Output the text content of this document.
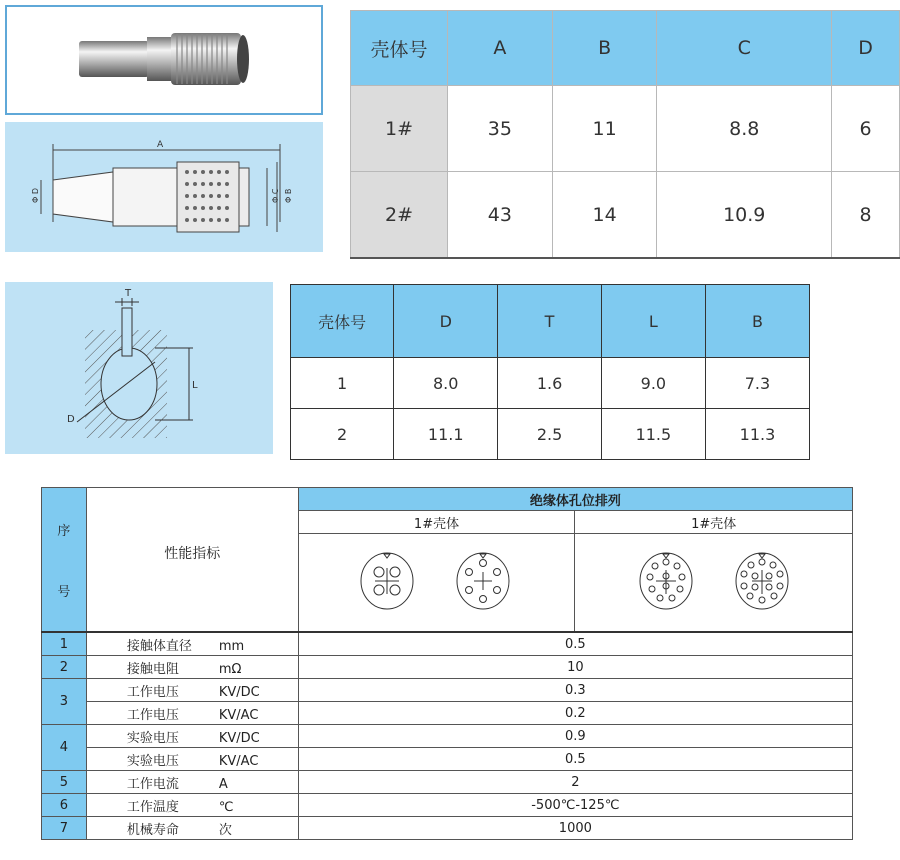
A
Φ D	Φ C Φ B
壳体号	A	B	C	D
1#	35	11	8.8	6
2#	43	14	10.9	8
T
L
D
壳体号	D	T	L	B
1	8.0	1.6	9.0	7.3
2	11.1	2.5	11.5	11.3
序
号	性能指标	绝缘体孔位排列	
		1#壳体	1#壳体

1	接触体直径 mm	0.5	
2	接触电阻 mΩ	10	
3	工作电压 KV/DC	0.3	
	工作电压 KV/AC	0.2	
4	实验电压 KV/DC	0.9	
	实验电压 KV/AC	0.5	
5	工作电流 A	2	
6	工作温度 ℃	-500℃-125℃	
7	机械寿命 次	1000	
